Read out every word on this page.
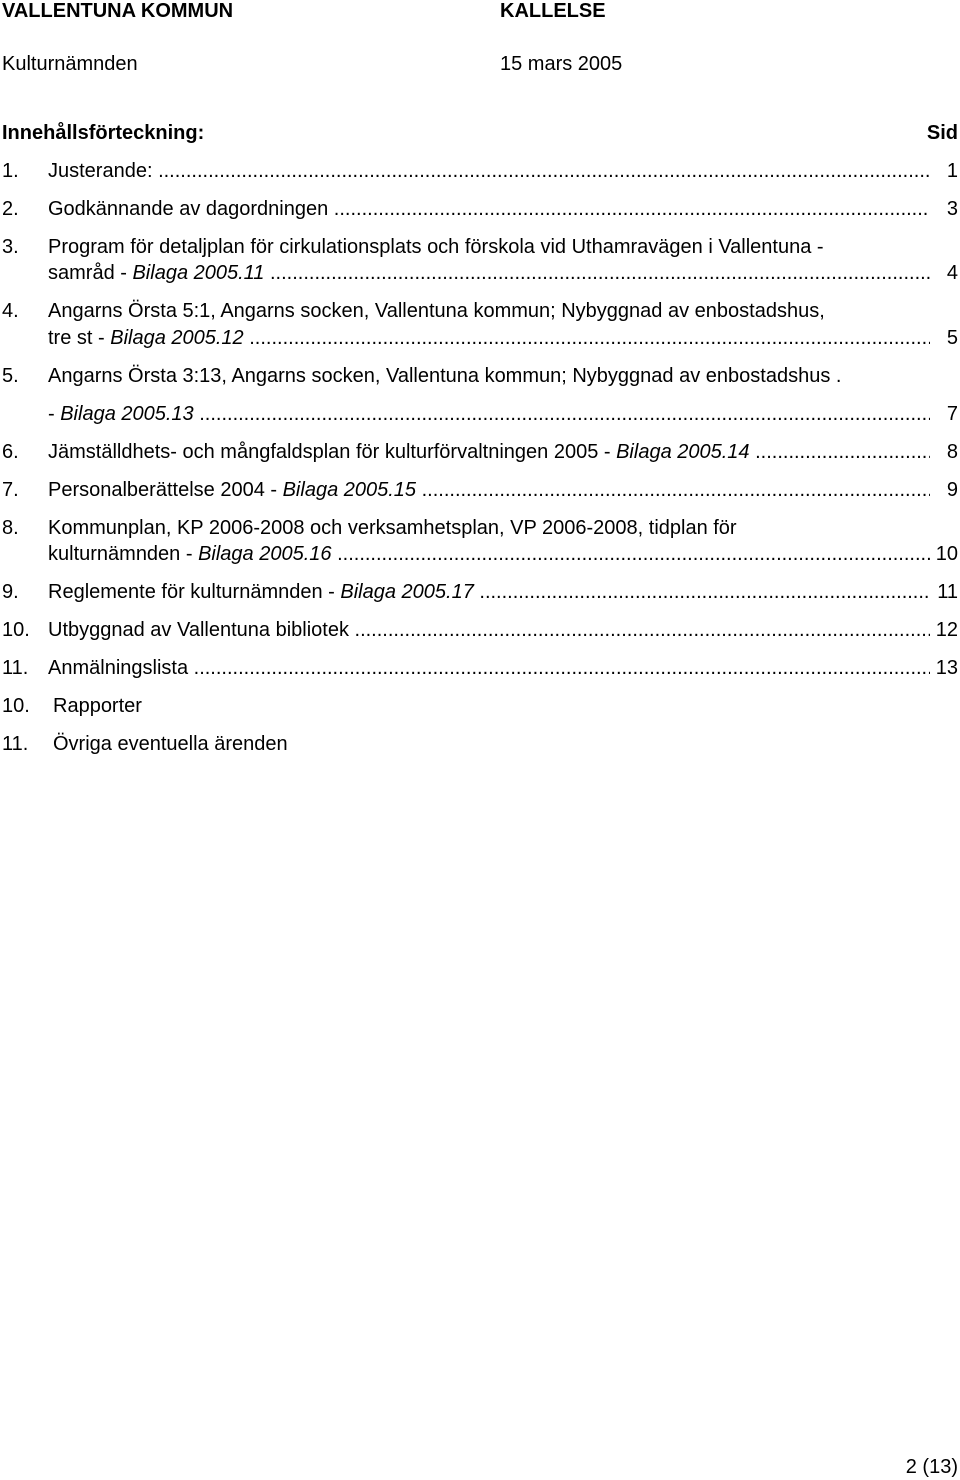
VALLENTUNA KOMMUN	KALLELSE
Kulturnämnden	15 mars 2005
Innehållsförteckning:	Sid
1. Justerande: .....	1
2. Godkännande av dagordningen .....	3
3. Program för detaljplan för cirkulationsplats och förskola vid Uthamravägen i Vallentuna -
samråd - Bilaga 2005.11 .....	4
4. Angarns Örsta 5:1, Angarns socken, Vallentuna kommun; Nybyggnad av enbostadshus,
tre st - Bilaga 2005.12 .....	5
5. Angarns Örsta 3:13, Angarns socken, Vallentuna kommun; Nybyggnad av enbostadshus .
- Bilaga 2005.13 .....	7
6. Jämställdhets- och mångfaldsplan för kulturförvaltningen 2005 - Bilaga 2005.14 .....	8
7. Personalberättelse 2004 - Bilaga 2005.15 .....	9
8. Kommunplan, KP 2006-2008 och verksamhetsplan, VP 2006-2008, tidplan för
kulturnämnden - Bilaga 2005.16 .....	10
9. Reglemente för kulturnämnden - Bilaga 2005.17 .....	11
10. Utbyggnad av Vallentuna bibliotek .....	12
11. Anmälningslista .....	13
10. Rapporter
11. Övriga eventuella ärenden
2 (13)
